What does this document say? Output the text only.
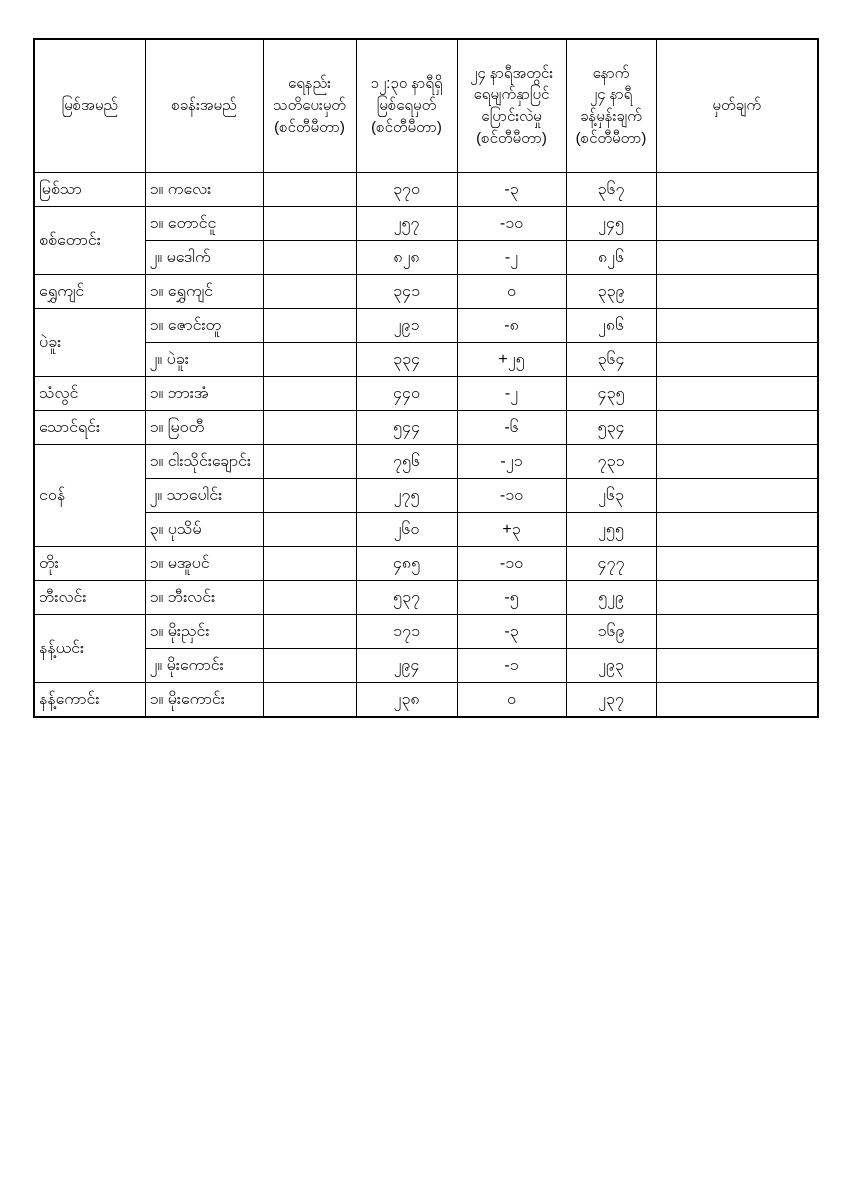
မြစ်အမည်	စခန်းအမည်	ရေနည်း
သတိပေးမှတ်
(စင်တီမီတာ)	၁၂:၃၀ နာရီရှိ
မြစ်ရေမှတ်
(စင်တီမီတာ)	၂၄ နာရီအတွင်း
ရေမျက်နှာပြင်
ပြောင်းလဲမှု
(စင်တီမီတာ)	နောက်
၂၄ နာရီ
ခန့်မှန်းချက်
(စင်တီမီတာ)	မှတ်ချက်
မြစ်သာ	၁။ ကလေး		၃၇၀	-၃	၃၆၇	
စစ်တောင်း	၁။ တောင်ငူ		၂၅၇	-၁၀	၂၄၅	
	၂။ မဒေါက်		၈၂၈	-၂	၈၂၆	
ရွှေကျင်	၁။ ရွှေကျင်		၃၄၁	၀	၃၃၉	
ပဲခူး	၁။ ဇောင်းတူ		၂၉၁	-၈	၂၈၆	
	၂။ ပဲခူး		၃၃၄	+၂၅	၃၆၄	
သံလွင်	၁။ ဘားအံ		၄၄၀	-၂	၄၃၅	
သောင်ရင်း	၁။ မြဝတီ		၅၄၄	-၆	၅၃၄	
ငဝန်	၁။ ငါးသိုင်းချောင်း		၇၅၆	-၂၁	၇၃၁	
	၂။ သာပေါင်း		၂၇၅	-၁၀	၂၆၃	
	၃။ ပုသိမ်		၂၆၀	+၃	၂၅၅	
တိုး	၁။ မအူပင်		၄၈၅	-၁၀	၄၇၇	
ဘီးလင်း	၁။ ဘီးလင်း		၅၃၇	-၅	၅၂၉	
နန့်ယင်း	၁။ မိုးညှင်း		၁၇၁	-၃	၁၆၉	
	၂။ မိုးကောင်း		၂၉၄	-၁	၂၉၃	
နန့်ကောင်း	၁။ မိုးကောင်း		၂၃၈	၀	၂၃၇	
